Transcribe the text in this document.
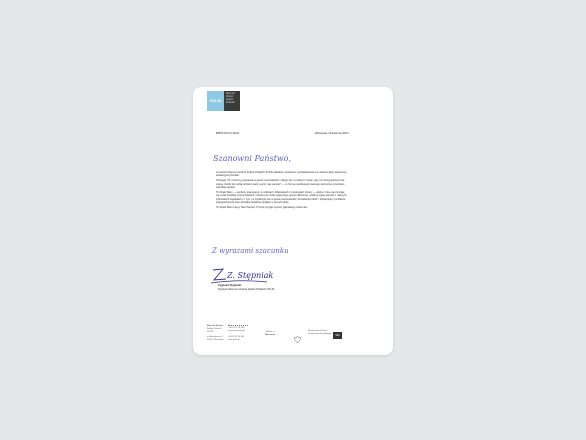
POLIN
Muzeum
Historii
Żydów
Polskich
BPR/FJ/KC/S-15/22	Warszawa, 20 kwietnia 2022 r.
Szanowni Państwo,

w imieniu Muzeum Historii Żydów Polskich POLIN składam serdeczne podziękowania za udział w akcji społeczno-edukacyjnej Żonkile.

Obchody 79. rocznicy powstania w getcie warszawskim odbyły się w trudnym czasie, gdy za naszą granicą trwa wojna. Każdy kto wziął udział w akcji „Łączy nas pamięć” — to forma manifestacji naszego sprzeciwu przeciwko wszelkiej agresji.

To dzięki Wam — osobom pracującym w szkołach, bibliotekach i instytucjach kultury — akcja z roku na rok staje się coraz bardziej rozpoznawalna i dociera do coraz większego grona odbiorców, podtrzymując pamięć o naszych żydowskich sąsiadach i o tym, co wydarzyło się w getcie warszawskim 19 kwietnia 1943 r. Dziękujemy za Wasze zaangażowanie oraz wszelkie działania podjęte w ramach akcji.

To dzięki Wam Łączy Nas Pamięć. Proszę przyjąć wyrazy głębokiego szacunku.

Z wyrazami szacunku
Z. Stępniak
Zygmunt Stępiński
Dyrektor Muzeum Historii Żydów Polskich POLIN
Muzeum Historii
Żydów Polskich
POLIN
ul. Anielewicza 6
00-157 Warszawa
+48 22 47 10 300
muzeum@polin.pl
+48 22 47 10 301
www.polin.pl
Miasto st.
Warszawa
Ministerstwo Kultury i Dziedzictwa Narodowego
SIM
